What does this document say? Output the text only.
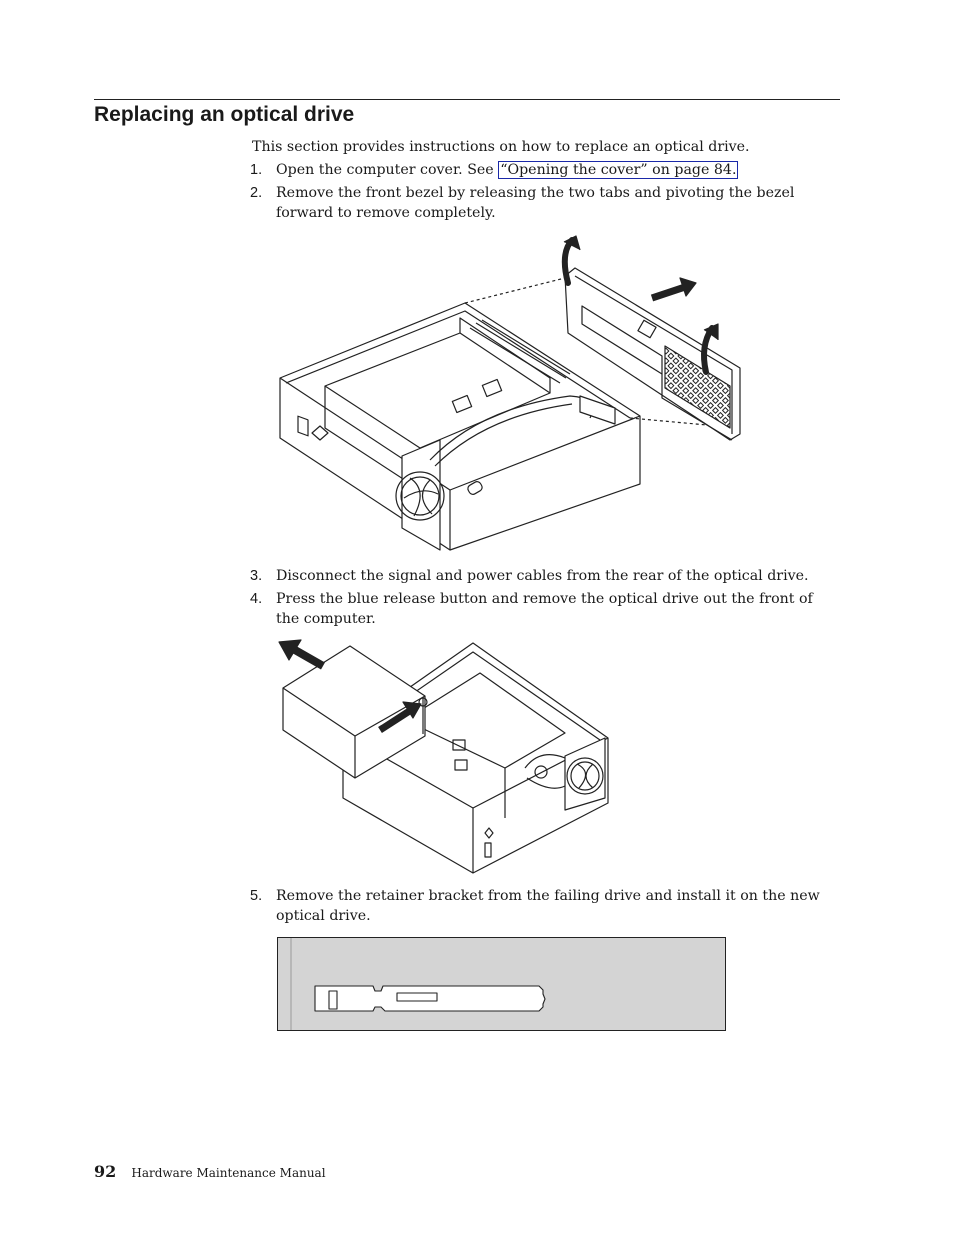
Replacing an optical drive
This section provides instructions on how to replace an optical drive.
1. Open the computer cover. See “Opening the cover” on page 84.
2. Remove the front bezel by releasing the two tabs and pivoting the bezel forward to remove completely.
3. Disconnect the signal and power cables from the rear of the optical drive.
4. Press the blue release button and remove the optical drive out the front of the computer.
5. Remove the retainer bracket from the failing drive and install it on the new optical drive.
92 Hardware Maintenance Manual
